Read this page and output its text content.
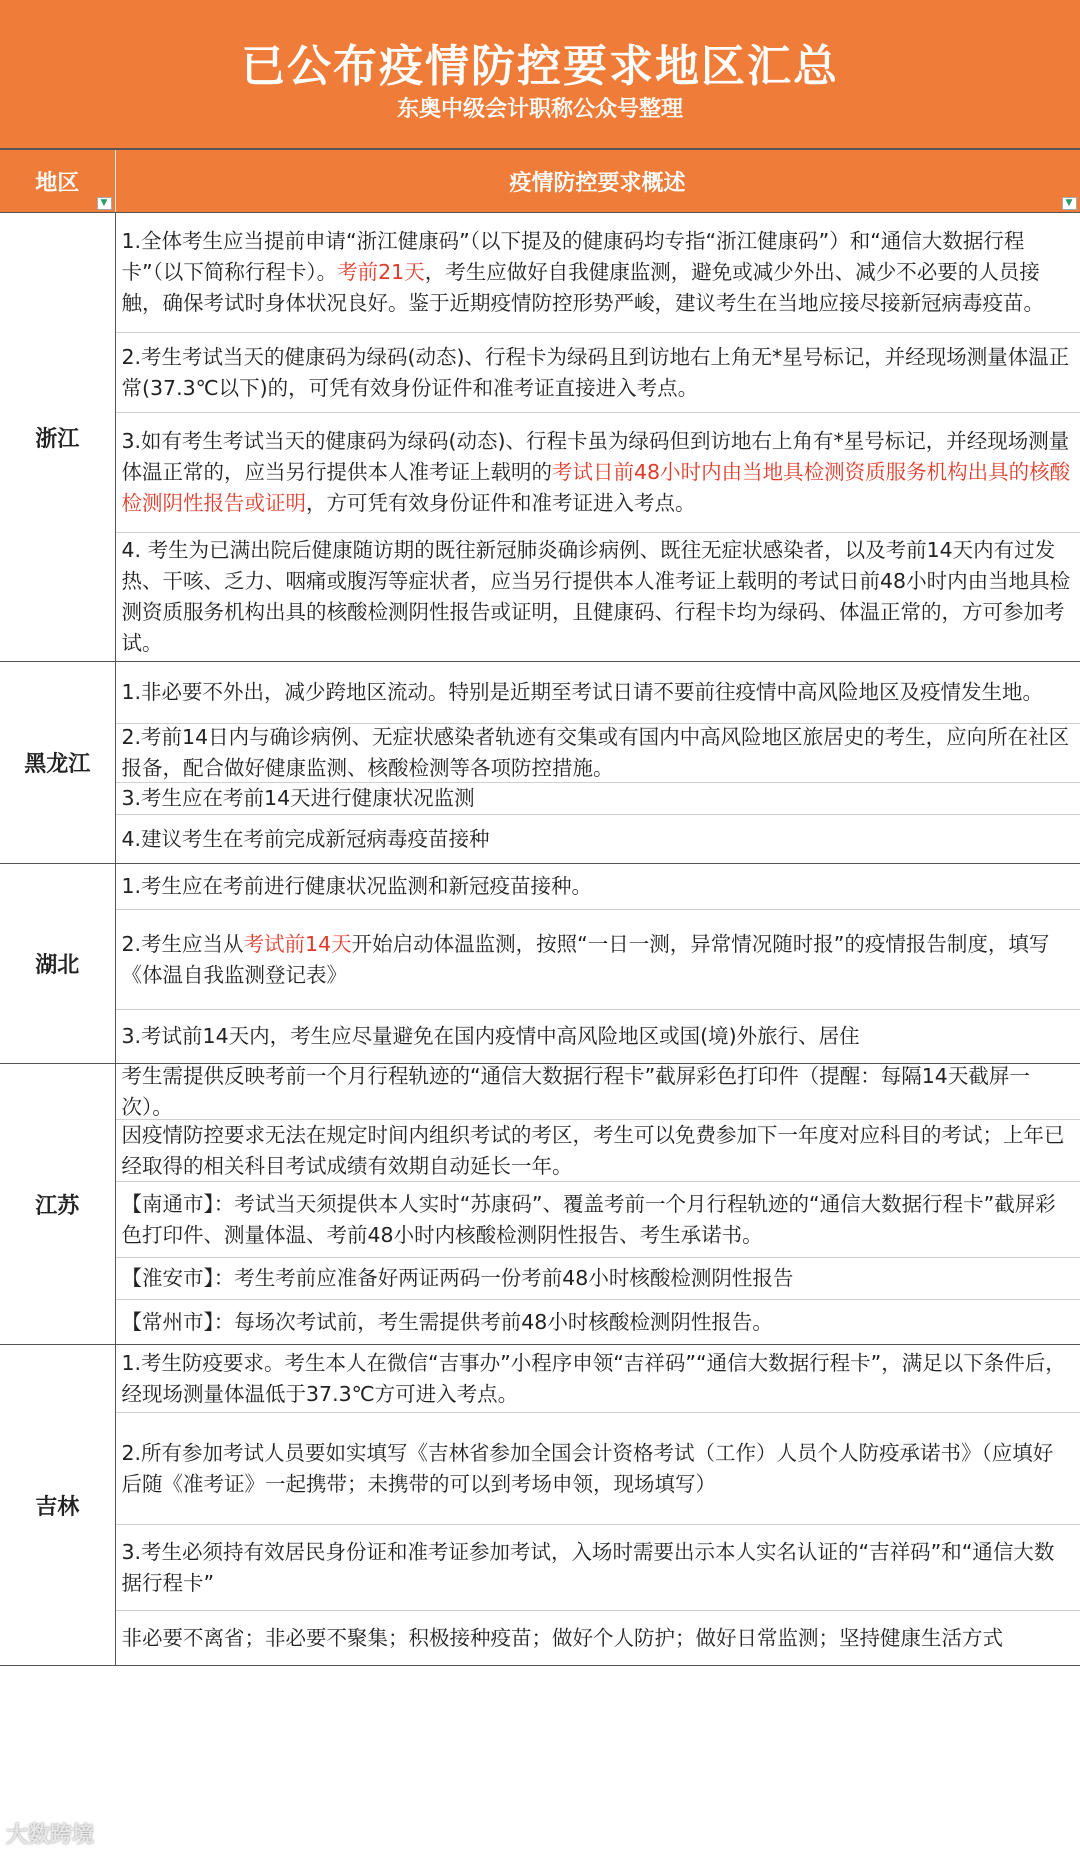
已公布疫情防控要求地区汇总
东奥中级会计职称公众号整理
地区
▼	疫情防控要求概述
▼

浙江	1.全体考生应当提前申请“浙江健康码”（以下提及的健康码均专指“浙江健康码”）和“通信大数据行程卡”（以下简称行程卡）。考前21天，考生应做好自我健康监测，避免或减少外出、减少不必要的人员接触，确保考试时身体状况良好。鉴于近期疫情防控形势严峻，建议考生在当地应接尽接新冠病毒疫苗。
2.考生考试当天的健康码为绿码(动态)、行程卡为绿码且到访地右上角无*星号标记，并经现场测量体温正常(37.3℃以下)的，可凭有效身份证件和准考证直接进入考点。
3.如有考生考试当天的健康码为绿码(动态)、行程卡虽为绿码但到访地右上角有*星号标记，并经现场测量体温正常的，应当另行提供本人准考证上载明的考试日前48小时内由当地具检测资质服务机构出具的核酸检测阴性报告或证明，方可凭有效身份证件和准考证进入考点。
4. 考生为已满出院后健康随访期的既往新冠肺炎确诊病例、既往无症状感染者，以及考前14天内有过发热、干咳、乏力、咽痛或腹泻等症状者，应当另行提供本人准考证上载明的考试日前48小时内由当地具检测资质服务机构出具的核酸检测阴性报告或证明，且健康码、行程卡均为绿码、体温正常的，方可参加考试。

黑龙江	1.非必要不外出，减少跨地区流动。特别是近期至考试日请不要前往疫情中高风险地区及疫情发生地。
2.考前14日内与确诊病例、无症状感染者轨迹有交集或有国内中高风险地区旅居史的考生，应向所在社区报备，配合做好健康监测、核酸检测等各项防控措施。
3.考生应在考前14天进行健康状况监测
4.建议考生在考前完成新冠病毒疫苗接种

湖北	1.考生应在考前进行健康状况监测和新冠疫苗接种。
2.考生应当从考试前14天开始启动体温监测，按照“一日一测，异常情况随时报”的疫情报告制度，填写《体温自我监测登记表》
3.考试前14天内，考生应尽量避免在国内疫情中高风险地区或国(境)外旅行、居住

江苏	考生需提供反映考前一个月行程轨迹的“通信大数据行程卡”截屏彩色打印件（提醒：每隔14天截屏一次）。
因疫情防控要求无法在规定时间内组织考试的考区，考生可以免费参加下一年度对应科目的考试；上年已经取得的相关科目考试成绩有效期自动延长一年。
【南通市】：考试当天须提供本人实时“苏康码”、覆盖考前一个月行程轨迹的“通信大数据行程卡”截屏彩色打印件、测量体温、考前48小时内核酸检测阴性报告、考生承诺书。
【淮安市】：考生考前应准备好两证两码一份考前48小时核酸检测阴性报告
【常州市】：每场次考试前，考生需提供考前48小时核酸检测阴性报告。

吉林	1.考生防疫要求。考生本人在微信“吉事办”小程序申领“吉祥码”“通信大数据行程卡”，满足以下条件后，经现场测量体温低于37.3℃方可进入考点。
2.所有参加考试人员要如实填写《吉林省参加全国会计资格考试（工作）人员个人防疫承诺书》（应填好后随《准考证》一起携带；未携带的可以到考场申领，现场填写）
3.考生必须持有效居民身份证和准考证参加考试，入场时需要出示本人实名认证的“吉祥码”和“通信大数据行程卡”
非必要不离省；非必要不聚集；积极接种疫苗；做好个人防护；做好日常监测；坚持健康生活方式
大数跨境
